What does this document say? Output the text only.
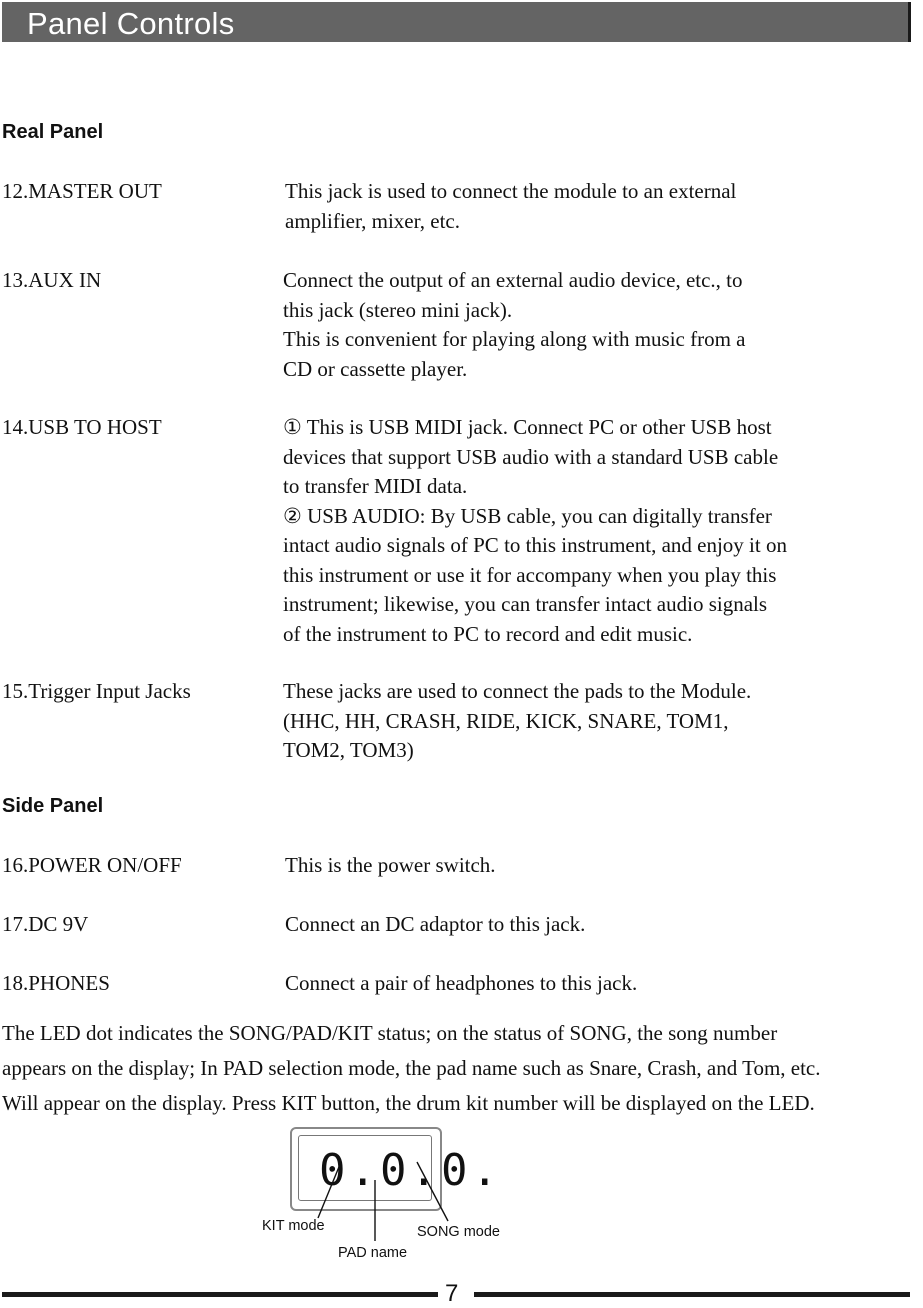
Panel Controls
Real Panel
12.MASTER OUT	This jack is used to connect the module to an external
amplifier, mixer, etc.
13.AUX IN	Connect the output of an external audio device, etc., to
this jack (stereo mini jack).
This is convenient for playing along with music from a
CD or cassette player.
14.USB TO HOST	① This is USB MIDI jack. Connect PC or other USB host
devices that support USB audio with a standard USB cable
to transfer MIDI data.
② USB AUDIO: By USB cable, you can digitally transfer
intact audio signals of PC to this instrument, and enjoy it on
this instrument or use it for accompany when you play this
instrument; likewise, you can transfer intact audio signals
of the instrument to PC to record and edit music.
15.Trigger Input Jacks	These jacks are used to connect the pads to the Module.
(HHC, HH, CRASH, RIDE, KICK, SNARE, TOM1,
TOM2, TOM3)
Side Panel
16.POWER ON/OFF	This is the power switch.
17.DC 9V	Connect an DC adaptor to this jack.
18.PHONES	Connect a pair of headphones to this jack.
The LED dot indicates the SONG/PAD/KIT status; on the status of SONG, the song number
appears on the display; In PAD selection mode, the pad name such as Snare, Crash, and Tom, etc.
Will appear on the display. Press KIT button, the drum kit number will be displayed on the LED.
0.0.0.
KIT mode	SONG mode
PAD name
7
